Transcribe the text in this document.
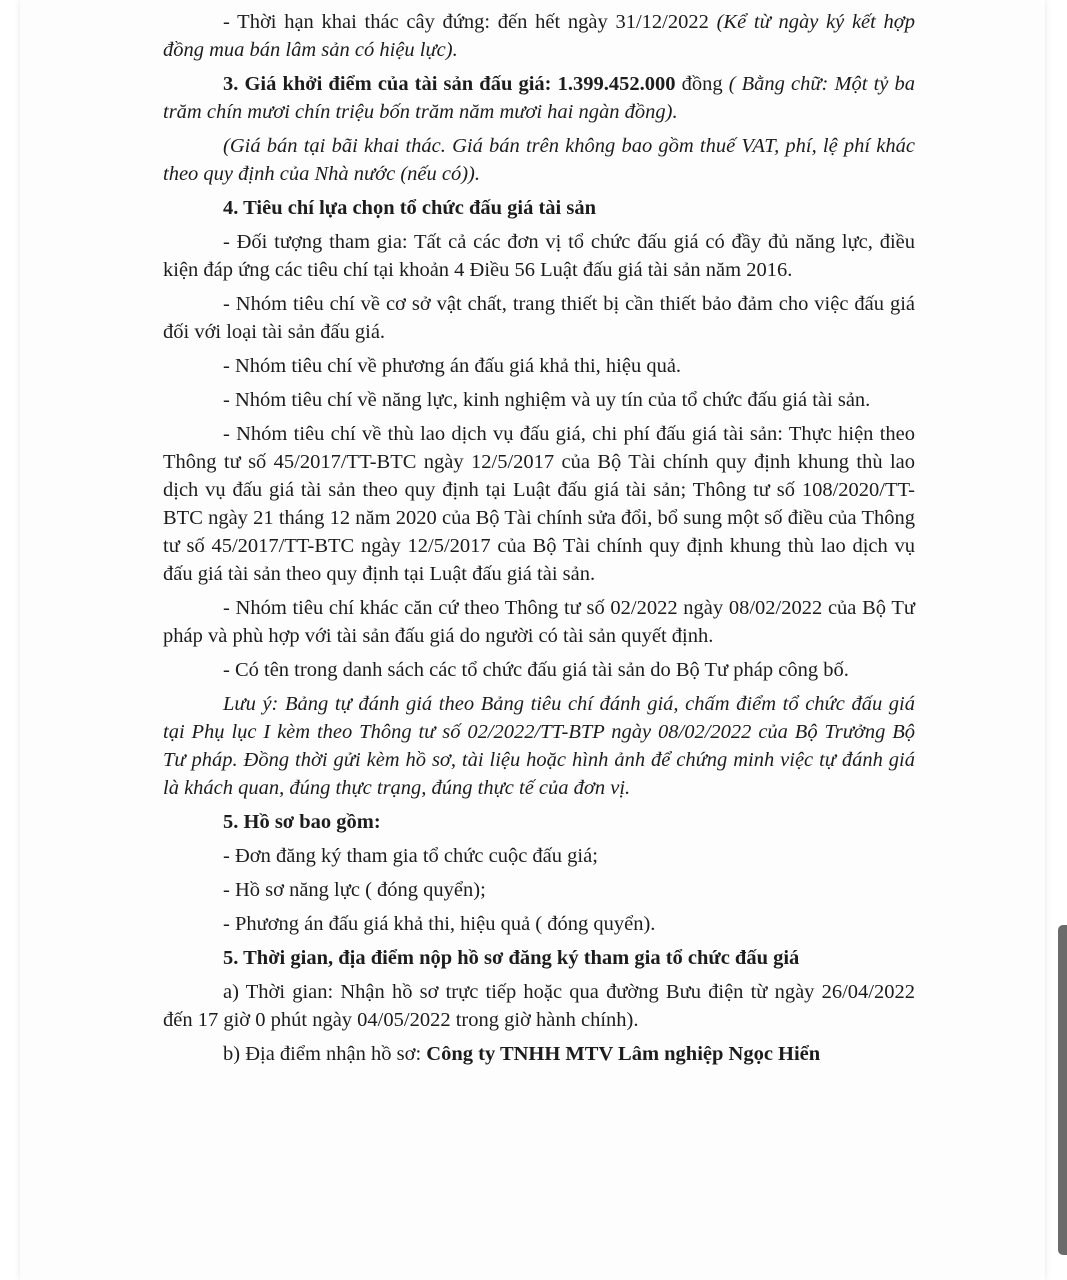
- Thời hạn khai thác cây đứng: đến hết ngày 31/12/2022 (Kể từ ngày ký kết hợp đồng mua bán lâm sản có hiệu lực).

3. Giá khởi điểm của tài sản đấu giá: 1.399.452.000 đồng ( Bằng chữ: Một tỷ ba trăm chín mươi chín triệu bốn trăm năm mươi hai ngàn đồng).

(Giá bán tại bãi khai thác. Giá bán trên không bao gồm thuế VAT, phí, lệ phí khác theo quy định của Nhà nước (nếu có)).

4. Tiêu chí lựa chọn tổ chức đấu giá tài sản

- Đối tượng tham gia: Tất cả các đơn vị tổ chức đấu giá có đầy đủ năng lực, điều kiện đáp ứng các tiêu chí tại khoản 4 Điều 56 Luật đấu giá tài sản năm 2016.

- Nhóm tiêu chí về cơ sở vật chất, trang thiết bị cần thiết bảo đảm cho việc đấu giá đối với loại tài sản đấu giá.

- Nhóm tiêu chí về phương án đấu giá khả thi, hiệu quả.

- Nhóm tiêu chí về năng lực, kinh nghiệm và uy tín của tổ chức đấu giá tài sản.

- Nhóm tiêu chí về thù lao dịch vụ đấu giá, chi phí đấu giá tài sản: Thực hiện theo Thông tư số 45/2017/TT-BTC ngày 12/5/2017 của Bộ Tài chính quy định khung thù lao dịch vụ đấu giá tài sản theo quy định tại Luật đấu giá tài sản; Thông tư số 108/2020/TT-BTC ngày 21 tháng 12 năm 2020 của Bộ Tài chính sửa đổi, bổ sung một số điều của Thông tư số 45/2017/TT-BTC ngày 12/5/2017 của Bộ Tài chính quy định khung thù lao dịch vụ đấu giá tài sản theo quy định tại Luật đấu giá tài sản.

- Nhóm tiêu chí khác căn cứ theo Thông tư số 02/2022 ngày 08/02/2022 của Bộ Tư pháp và phù hợp với tài sản đấu giá do người có tài sản quyết định.

- Có tên trong danh sách các tổ chức đấu giá tài sản do Bộ Tư pháp công bố.

Lưu ý: Bảng tự đánh giá theo Bảng tiêu chí đánh giá, chấm điểm tổ chức đấu giá tại Phụ lục I kèm theo Thông tư số 02/2022/TT-BTP ngày 08/02/2022 của Bộ Trưởng Bộ Tư pháp. Đồng thời gửi kèm hồ sơ, tài liệu hoặc hình ảnh để chứng minh việc tự đánh giá là khách quan, đúng thực trạng, đúng thực tế của đơn vị.

5. Hồ sơ bao gồm:

- Đơn đăng ký tham gia tổ chức cuộc đấu giá;

- Hồ sơ năng lực ( đóng quyển);

- Phương án đấu giá khả thi, hiệu quả ( đóng quyển).

5. Thời gian, địa điểm nộp hồ sơ đăng ký tham gia tổ chức đấu giá

a) Thời gian: Nhận hồ sơ trực tiếp hoặc qua đường Bưu điện từ ngày 26/04/2022 đến 17 giờ 0 phút ngày 04/05/2022 trong giờ hành chính).

b) Địa điểm nhận hồ sơ: Công ty TNHH MTV Lâm nghiệp Ngọc Hiển
